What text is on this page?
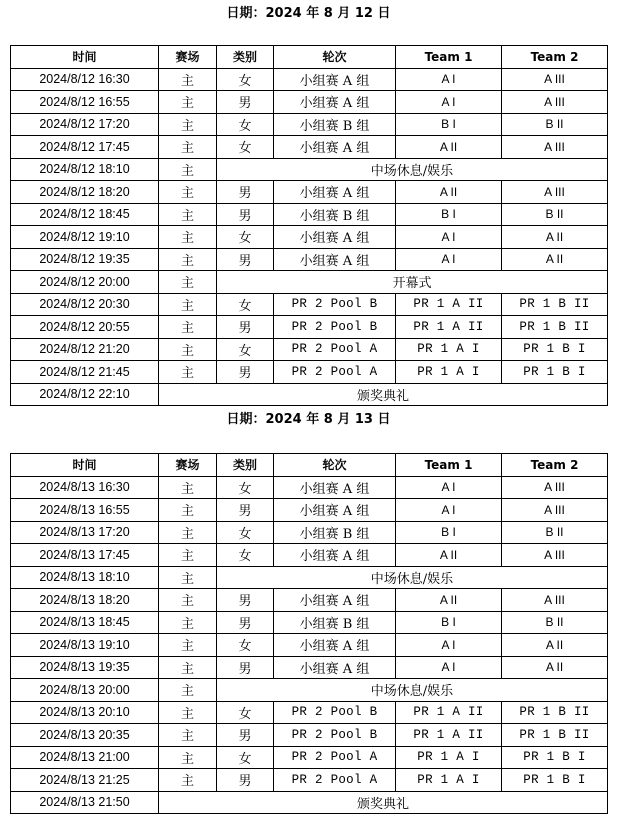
日期：2024 年 8 月 12 日
时间	赛场	类别	轮次	Team 1	Team 2
2024/8/12 16:30	主	女	小组赛 A 组	A I	A III
2024/8/12 16:55	主	男	小组赛 A 组	A I	A III
2024/8/12 17:20	主	女	小组赛 B 组	B I	B II
2024/8/12 17:45	主	女	小组赛 A 组	A II	A III
2024/8/12 18:10	主	中场休息/娱乐			
2024/8/12 18:20	主	男	小组赛 A 组	A II	A III
2024/8/12 18:45	主	男	小组赛 B 组	B I	B II
2024/8/12 19:10	主	女	小组赛 A 组	A I	A II
2024/8/12 19:35	主	男	小组赛 A 组	A I	A II
2024/8/12 20:00	主	开幕式			
2024/8/12 20:30	主	女	PR 2 Pool B	PR 1 A II	PR 1 B II
2024/8/12 20:55	主	男	PR 2 Pool B	PR 1 A II	PR 1 B II
2024/8/12 21:20	主	女	PR 2 Pool A	PR 1 A I	PR 1 B I
2024/8/12 21:45	主	男	PR 2 Pool A	PR 1 A I	PR 1 B I
2024/8/12 22:10	颁奖典礼				
日期：2024 年 8 月 13 日
时间	赛场	类别	轮次	Team 1	Team 2
2024/8/13 16:30	主	女	小组赛 A 组	A I	A III
2024/8/13 16:55	主	男	小组赛 A 组	A I	A III
2024/8/13 17:20	主	女	小组赛 B 组	B I	B II
2024/8/13 17:45	主	女	小组赛 A 组	A II	A III
2024/8/13 18:10	主	中场休息/娱乐			
2024/8/13 18:20	主	男	小组赛 A 组	A II	A III
2024/8/13 18:45	主	男	小组赛 B 组	B I	B II
2024/8/13 19:10	主	女	小组赛 A 组	A I	A II
2024/8/13 19:35	主	男	小组赛 A 组	A I	A II
2024/8/13 20:00	主	中场休息/娱乐			
2024/8/13 20:10	主	女	PR 2 Pool B	PR 1 A II	PR 1 B II
2024/8/13 20:35	主	男	PR 2 Pool B	PR 1 A II	PR 1 B II
2024/8/13 21:00	主	女	PR 2 Pool A	PR 1 A I	PR 1 B I
2024/8/13 21:25	主	男	PR 2 Pool A	PR 1 A I	PR 1 B I
2024/8/13 21:50	颁奖典礼				
